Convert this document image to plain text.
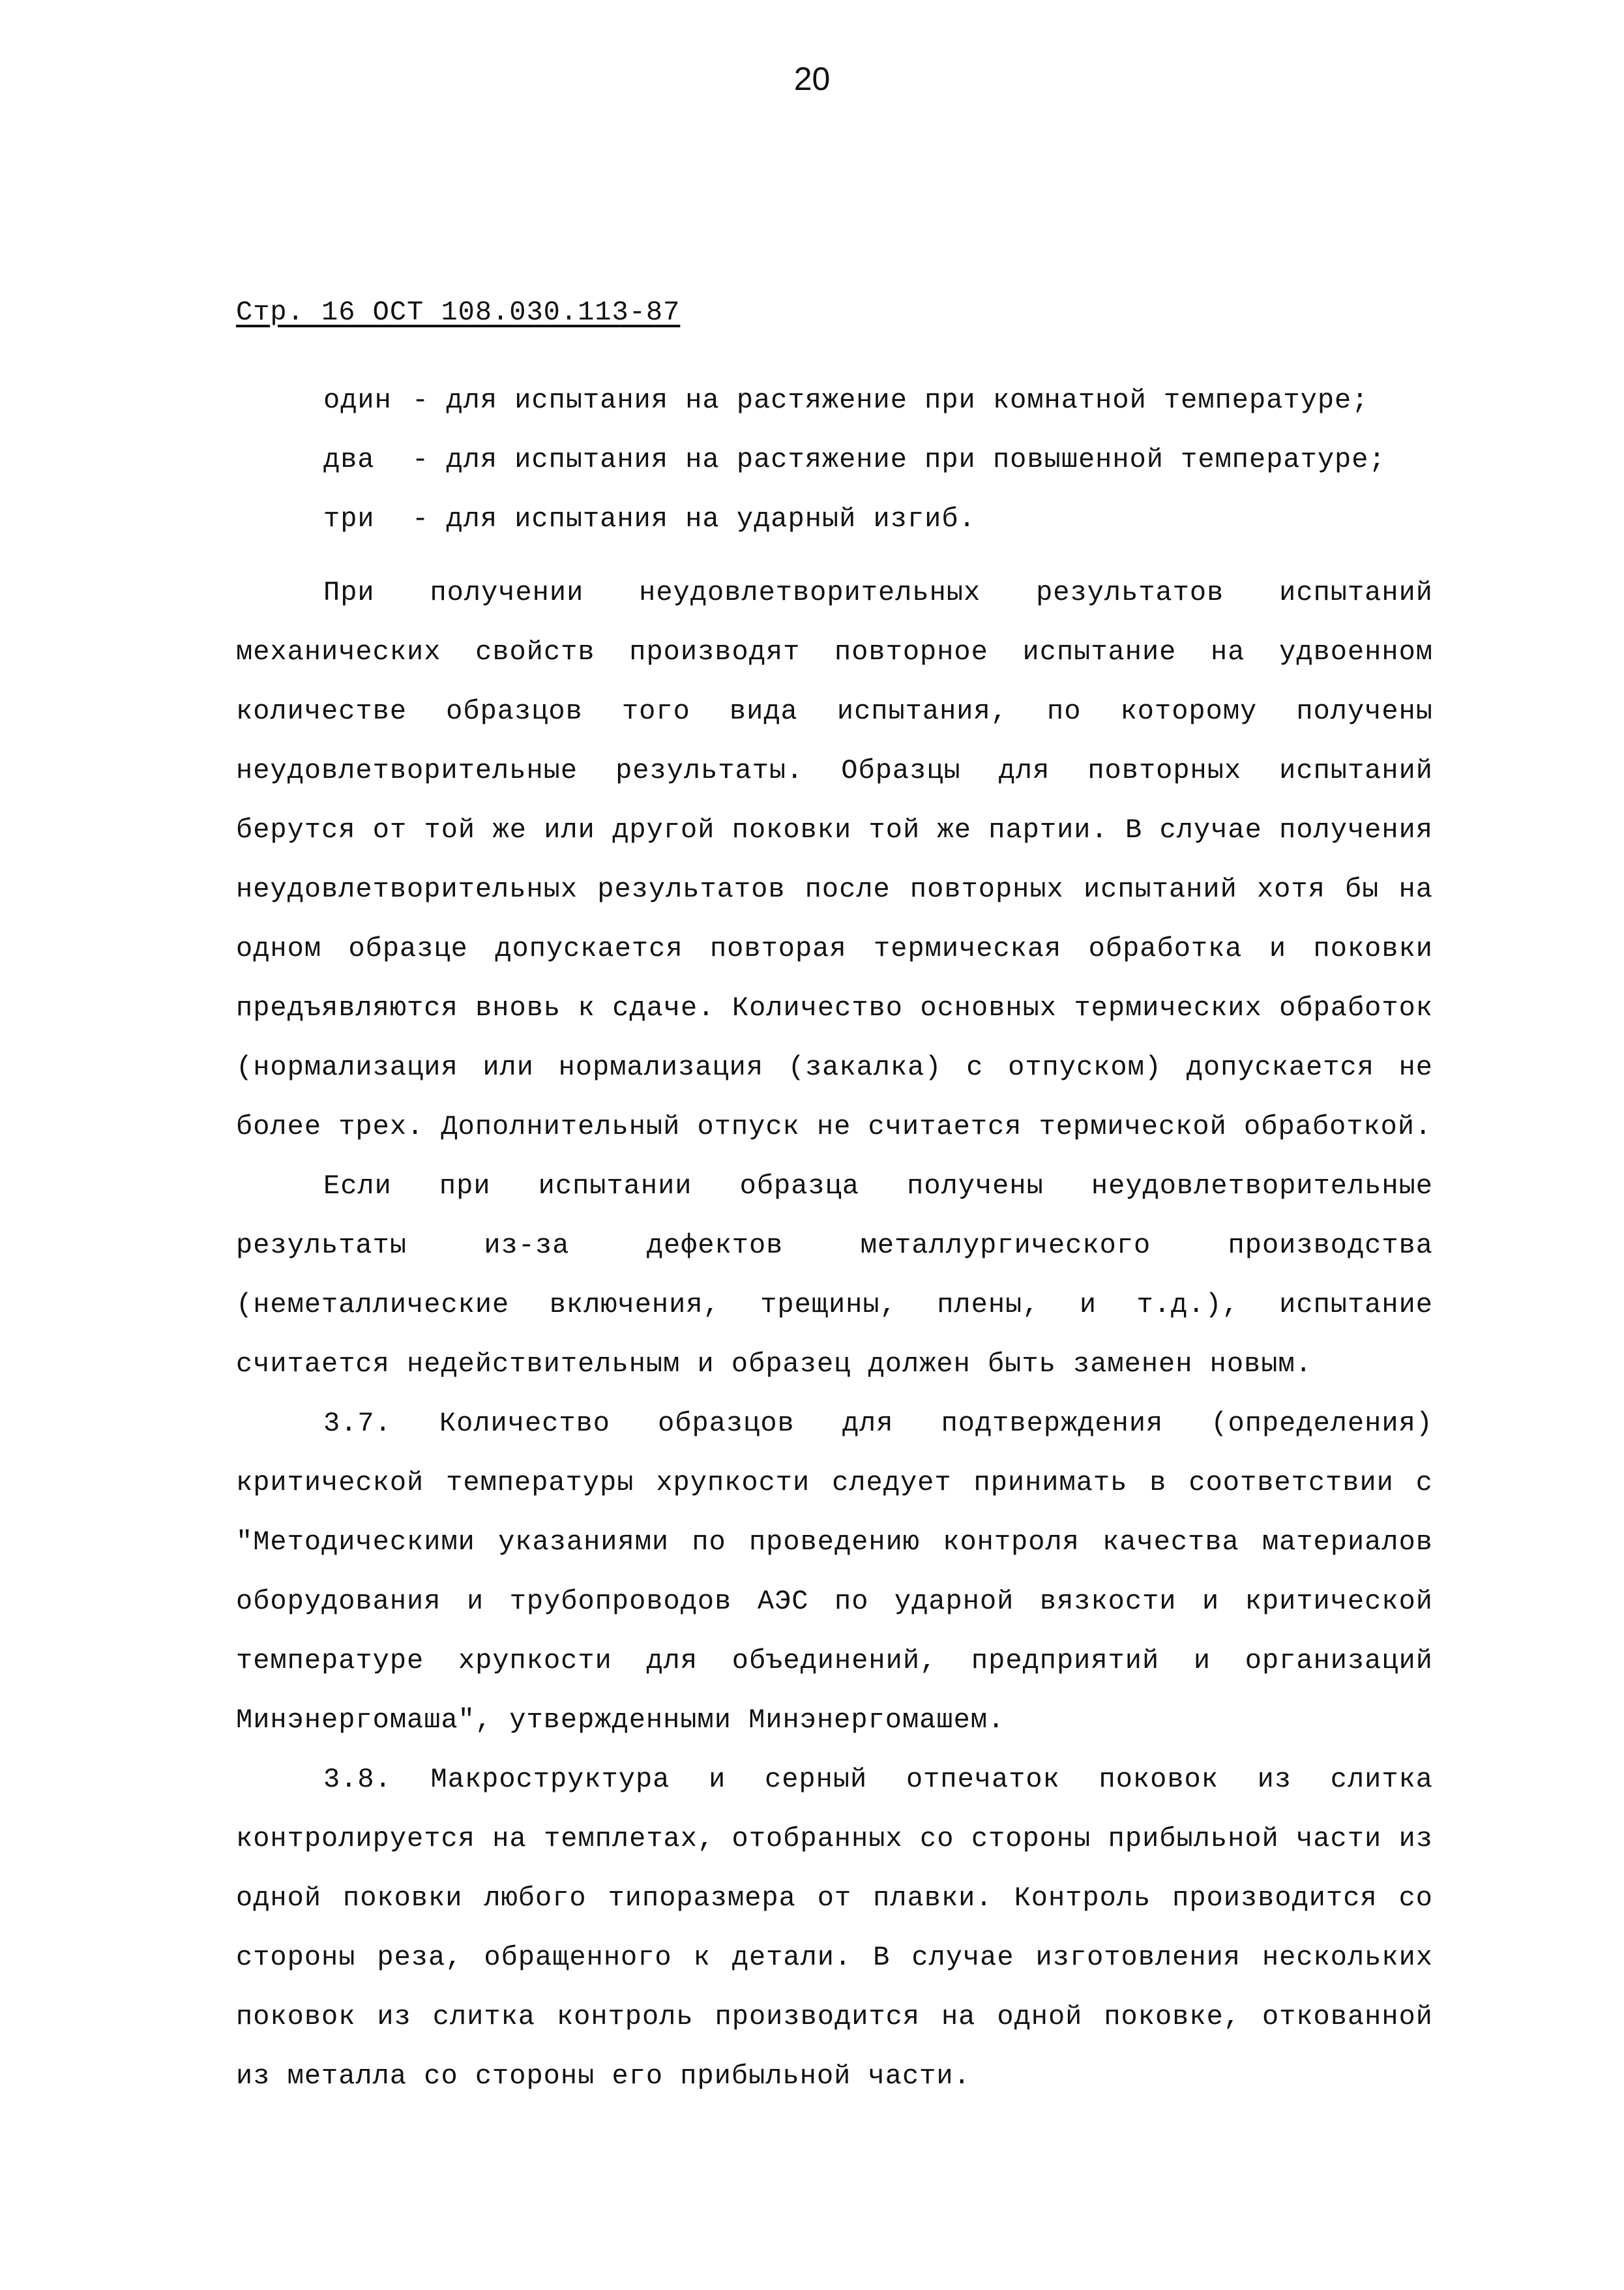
20
Стр. 16 ОСТ 108.030.113-87
один - для испытания на растяжение при комнатной температуре;
два	- для испытания на растяжение при повышенной температуре;
три	- для испытания на ударный изгиб.

При получении неудовлетворительных результатов испытаний механических свойств производят повторное испытание на удвоенном количестве образцов того вида испытания, по которому получены неудовлетворительные результаты. Образцы для повторных испытаний берутся от той же или другой поковки той же партии. В случае получения неудовлетворительных результатов после повторных испытаний хотя бы на одном образце допускается повторая термическая обработка и поковки предъявляются вновь к сдаче. Количество основных термических обработок (нормализация или нормализация (закалка) с отпуском) допускается не более трех. Дополнительный отпуск не считается термической обработкой.

Если при испытании образца получены неудовлетворительные результаты из-за дефектов металлургического производства (неметаллические включения, трещины, плены, и т.д.), испытание считается недействительным и образец должен быть заменен новым.

3.7. Количество образцов для подтверждения (определения) критической температуры хрупкости следует принимать в соответствии с "Методическими указаниями по проведению контроля качества материалов оборудования и трубопроводов АЭС по ударной вязкости и критической температуре хрупкости для объединений, предприятий и организаций Минэнергомаша", утвержденными Минэнергомашем.

3.8. Макроструктура и серный отпечаток поковок из слитка контролируется на темплетах, отобранных со стороны прибыльной части из одной поковки любого типоразмера от плавки. Контроль производится со стороны реза, обращенного к детали. В случае изготовления нескольких поковок из слитка контроль производится на одной поковке, откованной из металла со стороны его прибыльной части.
